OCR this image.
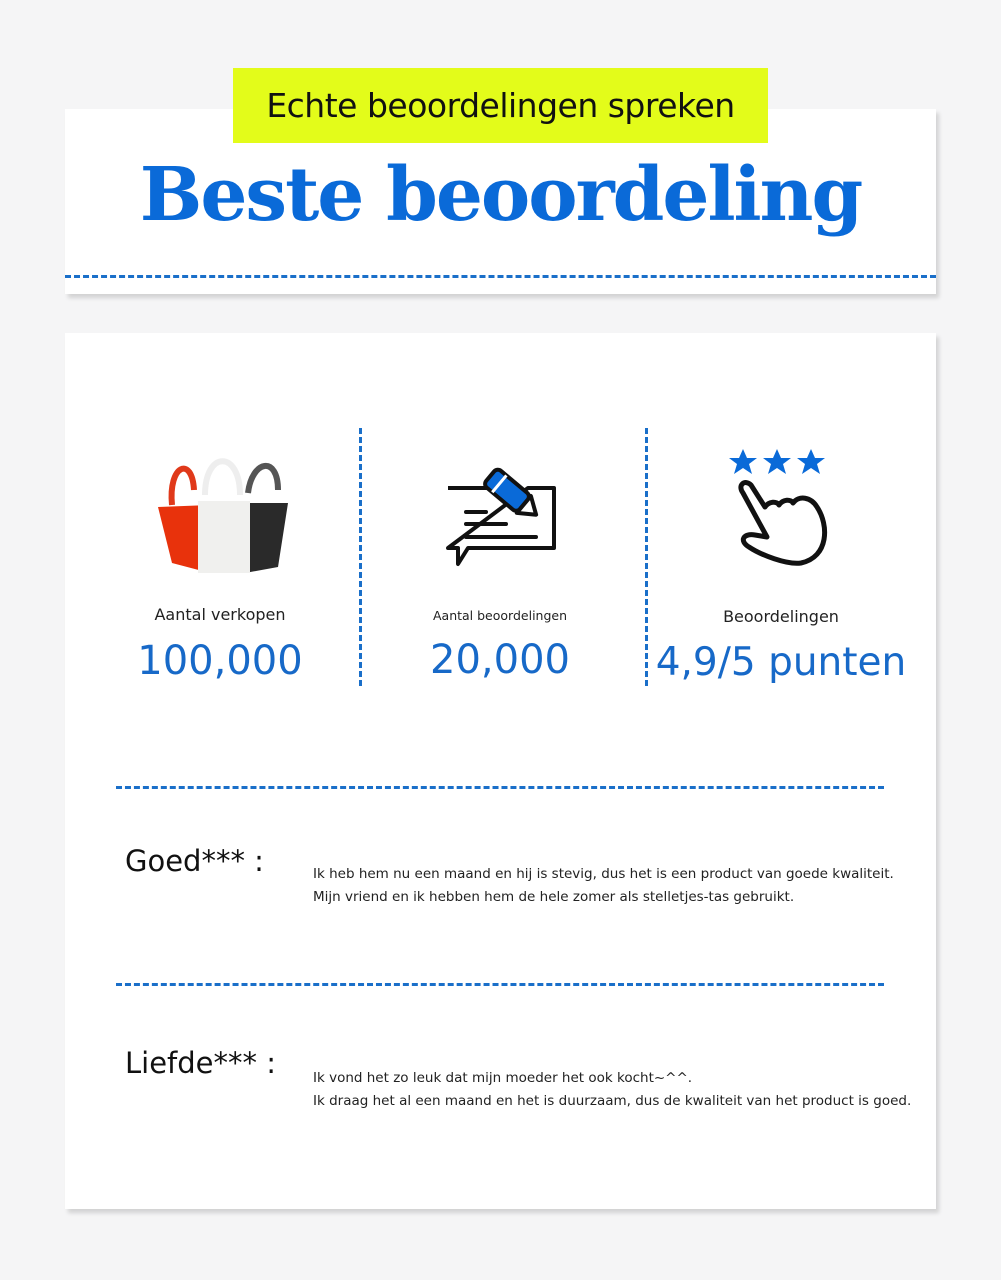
Echte beoordelingen spreken
Beste beoordeling
Aantal verkopen
100,000
Aantal beoordelingen
20,000
Beoordelingen
4,9/5 punten
Goed*** :	Ik heb hem nu een maand en hij is stevig, dus het is een product van goede kwaliteit.
Mijn vriend en ik hebben hem de hele zomer als stelletjes-tas gebruikt.
Liefde*** :	Ik vond het zo leuk dat mijn moeder het ook kocht~^^.
Ik draag het al een maand en het is duurzaam, dus de kwaliteit van het product is goed.
